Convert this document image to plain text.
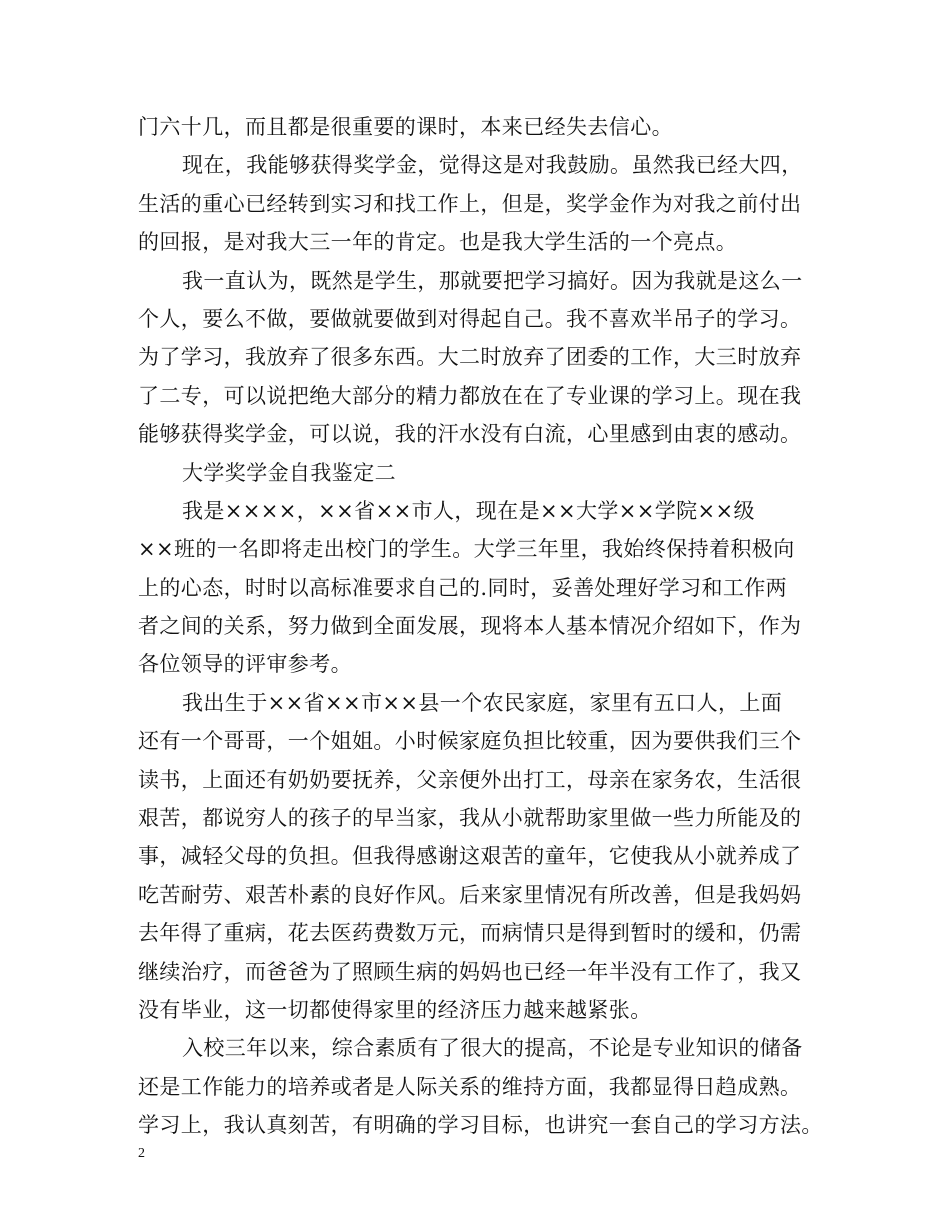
门六十几，而且都是很重要的课时，本来已经失去信心。
现在，我能够获得奖学金，觉得这是对我鼓励。虽然我已经大四，
生活的重心已经转到实习和找工作上，但是，奖学金作为对我之前付出
的回报，是对我大三一年的肯定。也是我大学生活的一个亮点。
我一直认为，既然是学生，那就要把学习搞好。因为我就是这么一
个人，要么不做，要做就要做到对得起自己。我不喜欢半吊子的学习。
为了学习，我放弃了很多东西。大二时放弃了团委的工作，大三时放弃
了二专，可以说把绝大部分的精力都放在在了专业课的学习上。现在我
能够获得奖学金，可以说，我的汗水没有白流，心里感到由衷的感动。
大学奖学金自我鉴定二
我是××××，××省××市人，现在是××大学××学院××级
××班的一名即将走出校门的学生。大学三年里，我始终保持着积极向
上的心态，时时以高标准要求自己的.同时，妥善处理好学习和工作两
者之间的关系，努力做到全面发展，现将本人基本情况介绍如下，作为
各位领导的评审参考。
我出生于××省××市××县一个农民家庭，家里有五口人，上面
还有一个哥哥，一个姐姐。小时候家庭负担比较重，因为要供我们三个
读书，上面还有奶奶要抚养，父亲便外出打工，母亲在家务农，生活很
艰苦，都说穷人的孩子的早当家，我从小就帮助家里做一些力所能及的
事，减轻父母的负担。但我得感谢这艰苦的童年，它使我从小就养成了
吃苦耐劳、艰苦朴素的良好作风。后来家里情况有所改善，但是我妈妈
去年得了重病，花去医药费数万元，而病情只是得到暂时的缓和，仍需
继续治疗，而爸爸为了照顾生病的妈妈也已经一年半没有工作了，我又
没有毕业，这一切都使得家里的经济压力越来越紧张。
入校三年以来，综合素质有了很大的提高，不论是专业知识的储备
还是工作能力的培养或者是人际关系的维持方面，我都显得日趋成熟。
学习上，我认真刻苦，有明确的学习目标，也讲究一套自己的学习方法。
2
